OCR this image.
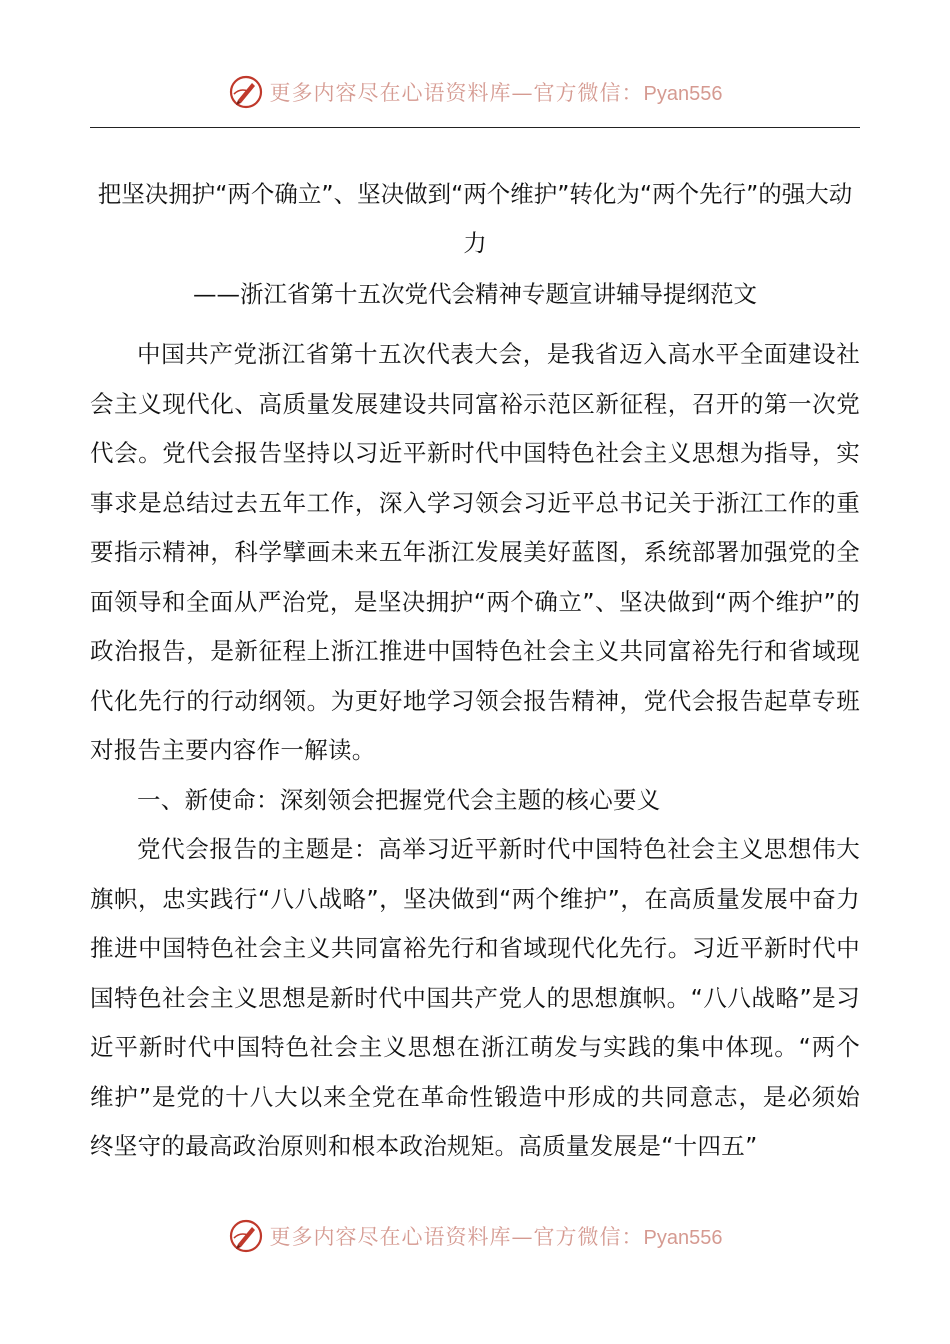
更多内容尽在心语资料库—官方微信：Pyan556
把坚决拥护“两个确立”、坚决做到“两个维护”转化为“两个先行”的强大动力
——浙江省第十五次党代会精神专题宣讲辅导提纲范文

中国共产党浙江省第十五次代表大会，是我省迈入高水平全面建设社会主义现代化、高质量发展建设共同富裕示范区新征程，召开的第一次党代会。党代会报告坚持以习近平新时代中国特色社会主义思想为指导，实事求是总结过去五年工作，深入学习领会习近平总书记关于浙江工作的重要指示精神，科学擘画未来五年浙江发展美好蓝图，系统部署加强党的全面领导和全面从严治党，是坚决拥护“两个确立”、坚决做到“两个维护”的政治报告，是新征程上浙江推进中国特色社会主义共同富裕先行和省域现代化先行的行动纲领。为更好地学习领会报告精神，党代会报告起草专班对报告主要内容作一解读。

一、新使命：深刻领会把握党代会主题的核心要义

党代会报告的主题是：高举习近平新时代中国特色社会主义思想伟大旗帜，忠实践行“八八战略”，坚决做到“两个维护”，在高质量发展中奋力推进中国特色社会主义共同富裕先行和省域现代化先行。习近平新时代中国特色社会主义思想是新时代中国共产党人的思想旗帜。“八八战略”是习近平新时代中国特色社会主义思想在浙江萌发与实践的集中体现。“两个维护”是党的十八大以来全党在革命性锻造中形成的共同意志，是必须始终坚守的最高政治原则和根本政治规矩。高质量发展是“十四五”

更多内容尽在心语资料库—官方微信：Pyan556
